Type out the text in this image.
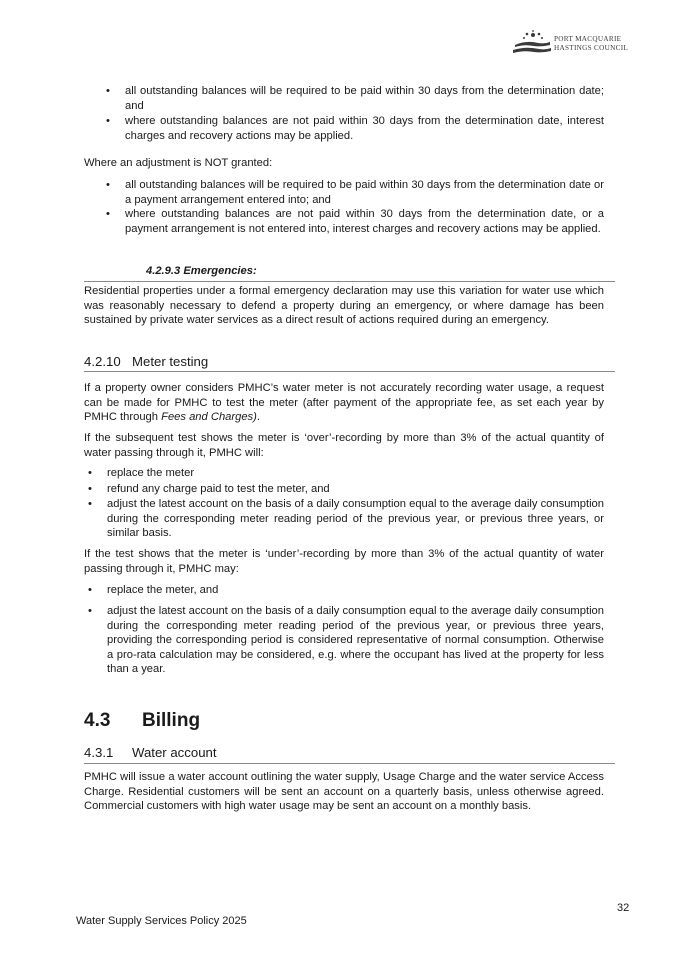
PORT MACQUARIE
HASTINGS COUNCIL

• all outstanding balances will be required to be paid within 30 days from the determination date; and

• where outstanding balances are not paid within 30 days from the determination date, interest charges and recovery actions may be applied.

Where an adjustment is NOT granted:

• all outstanding balances will be required to be paid within 30 days from the determination date or a payment arrangement entered into; and

• where outstanding balances are not paid within 30 days from the determination date, or a payment arrangement is not entered into, interest charges and recovery actions may be applied.

4.2.9.3 Emergencies:

Residential properties under a formal emergency declaration may use this variation for water use which was reasonably necessary to defend a property during an emergency, or where damage has been sustained by private water services as a direct result of actions required during an emergency.

4.2.10 Meter testing

If a property owner considers PMHC’s water meter is not accurately recording water usage, a request can be made for PMHC to test the meter (after payment of the appropriate fee, as set each year by PMHC through Fees and Charges).

If the subsequent test shows the meter is ‘over’-recording by more than 3% of the actual quantity of water passing through it, PMHC will:

• replace the meter

• refund any charge paid to test the meter, and

• adjust the latest account on the basis of a daily consumption equal to the average daily consumption during the corresponding meter reading period of the previous year, or previous three years, or similar basis.

If the test shows that the meter is ‘under’-recording by more than 3% of the actual quantity of water passing through it, PMHC may:

• replace the meter, and

• adjust the latest account on the basis of a daily consumption equal to the average daily consumption during the corresponding meter reading period of the previous year, or previous three years, providing the corresponding period is considered representative of normal consumption. Otherwise a pro-rata calculation may be considered, e.g. where the occupant has lived at the property for less than a year.

4.3 Billing
4.3.1 Water account

PMHC will issue a water account outlining the water supply, Usage Charge and the water service Access Charge. Residential customers will be sent an account on a quarterly basis, unless otherwise agreed. Commercial customers with high water usage may be sent an account on a monthly basis.

32
Water Supply Services Policy 2025
